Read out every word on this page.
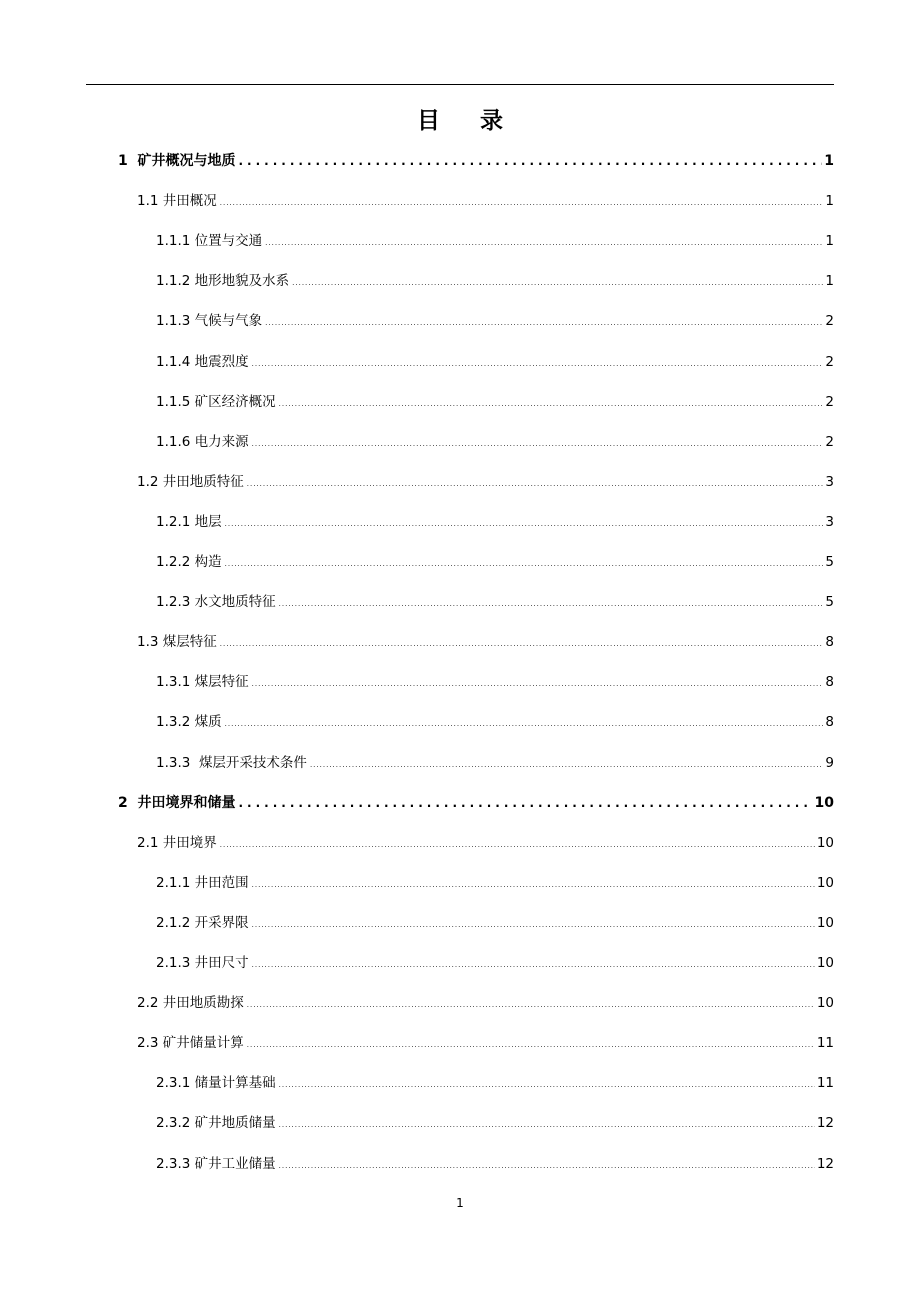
目 录
1 矿井概况与地质 .....	1
1.1 井田概况 .....	1
1.1.1 位置与交通 .....	1
1.1.2 地形地貌及水系 .....	1
1.1.3 气候与气象 .....	2
1.1.4 地震烈度 .....	2
1.1.5 矿区经济概况 .....	2
1.1.6 电力来源 .....	2
1.2 井田地质特征 .....	3
1.2.1 地层 .....	3
1.2.2 构造 .....	5
1.2.3 水文地质特征 .....	5
1.3 煤层特征 .....	8
1.3.1 煤层特征 .....	8
1.3.2 煤质 .....	8
1.3.3 煤层开采技术条件 .....	9
2 井田境界和储量 .....	10
2.1 井田境界 .....	10
2.1.1 井田范围 .....	10
2.1.2 开采界限 .....	10
2.1.3 井田尺寸 .....	10
2.2 井田地质勘探 .....	10
2.3 矿井储量计算 .....	11
2.3.1 储量计算基础 .....	11
2.3.2 矿井地质储量 .....	12
2.3.3 矿井工业储量 .....	12
1
